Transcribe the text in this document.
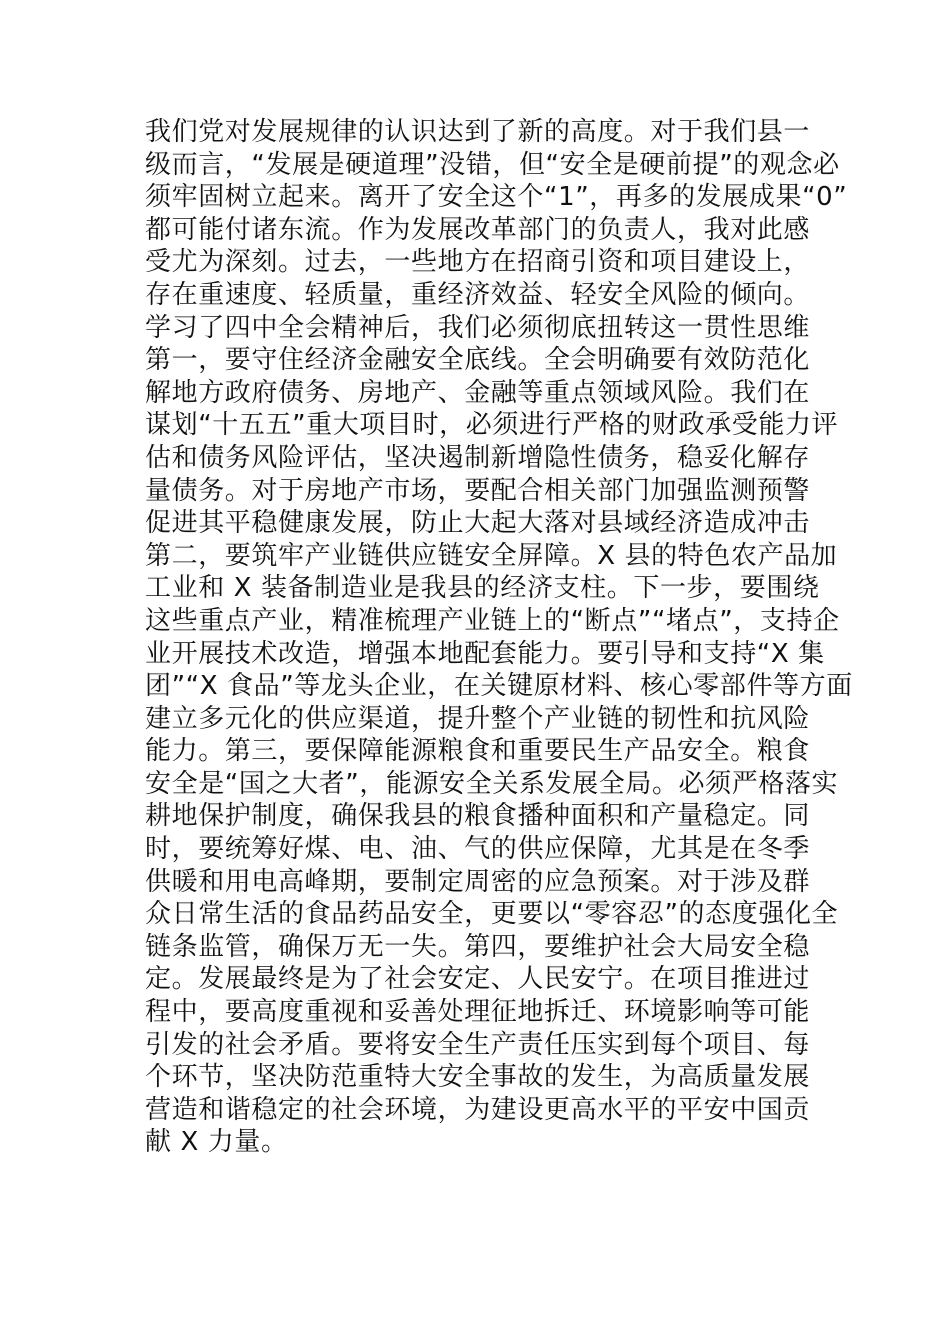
我们党对发展规律的认识达到了新的高度。对于我们县一
级而言，“发展是硬道理”没错，但“安全是硬前提”的观念必
须牢固树立起来。离开了安全这个“1”，再多的发展成果“0”
都可能付诸东流。作为发展改革部门的负责人，我对此感
受尤为深刻。过去，一些地方在招商引资和项目建设上，
存在重速度、轻质量，重经济效益、轻安全风险的倾向。
学习了四中全会精神后，我们必须彻底扭转这一贯性思维
第一，要守住经济金融安全底线。全会明确要有效防范化
解地方政府债务、房地产、金融等重点领域风险。我们在
谋划“十五五”重大项目时，必须进行严格的财政承受能力评
估和债务风险评估，坚决遏制新增隐性债务，稳妥化解存
量债务。对于房地产市场，要配合相关部门加强监测预警
促进其平稳健康发展，防止大起大落对县域经济造成冲击
第二，要筑牢产业链供应链安全屏障。X 县的特色农产品加
工业和 X 装备制造业是我县的经济支柱。下一步，要围绕
这些重点产业，精准梳理产业链上的“断点”“堵点”，支持企
业开展技术改造，增强本地配套能力。要引导和支持“X 集
团”“X 食品”等龙头企业，在关键原材料、核心零部件等方面
建立多元化的供应渠道，提升整个产业链的韧性和抗风险
能力。第三，要保障能源粮食和重要民生产品安全。粮食
安全是“国之大者”，能源安全关系发展全局。必须严格落实
耕地保护制度，确保我县的粮食播种面积和产量稳定。同
时，要统筹好煤、电、油、气的供应保障，尤其是在冬季
供暖和用电高峰期，要制定周密的应急预案。对于涉及群
众日常生活的食品药品安全，更要以“零容忍”的态度强化全
链条监管，确保万无一失。第四，要维护社会大局安全稳
定。发展最终是为了社会安定、人民安宁。在项目推进过
程中，要高度重视和妥善处理征地拆迁、环境影响等可能
引发的社会矛盾。要将安全生产责任压实到每个项目、每
个环节，坚决防范重特大安全事故的发生，为高质量发展
营造和谐稳定的社会环境，为建设更高水平的平安中国贡
献 X 力量。
